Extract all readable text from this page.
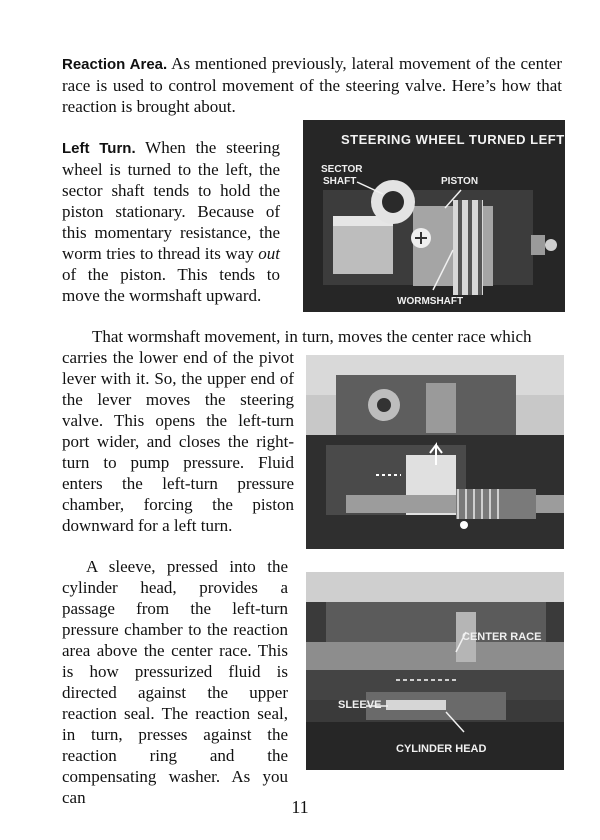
Reaction Area. As mentioned previously, lateral movement of the center race is used to control movement of the steering valve. Here’s how that reaction is brought about.

Left Turn. When the steering wheel is turned to the left, the sector shaft tends to hold the piston stationary. Because of this momentary resistance, the worm tries to thread its way out of the piston. This tends to move the wormshaft upward.

STEERING WHEEL TURNED LEFT
SECTOR
SHAFT	PISTON
WORMSHAFT

That wormshaft movement, in turn, moves the center race which

carries the lower end of the pivot lever with it. So, the upper end of the lever moves the steering valve. This opens the left-turn port wider, and closes the right-turn to pump pressure. Fluid enters the left-turn pressure chamber, forcing the piston downward for a left turn.

A sleeve, pressed into the cylinder head, provides a passage from the left-turn pressure chamber to the reaction area above the center race. This is how pressurized fluid is directed against the upper reaction seal. The reaction seal, in turn, presses against the reaction ring and the compensating washer. As you can

CENTER RACE
SLEEVE
CYLINDER HEAD
11
